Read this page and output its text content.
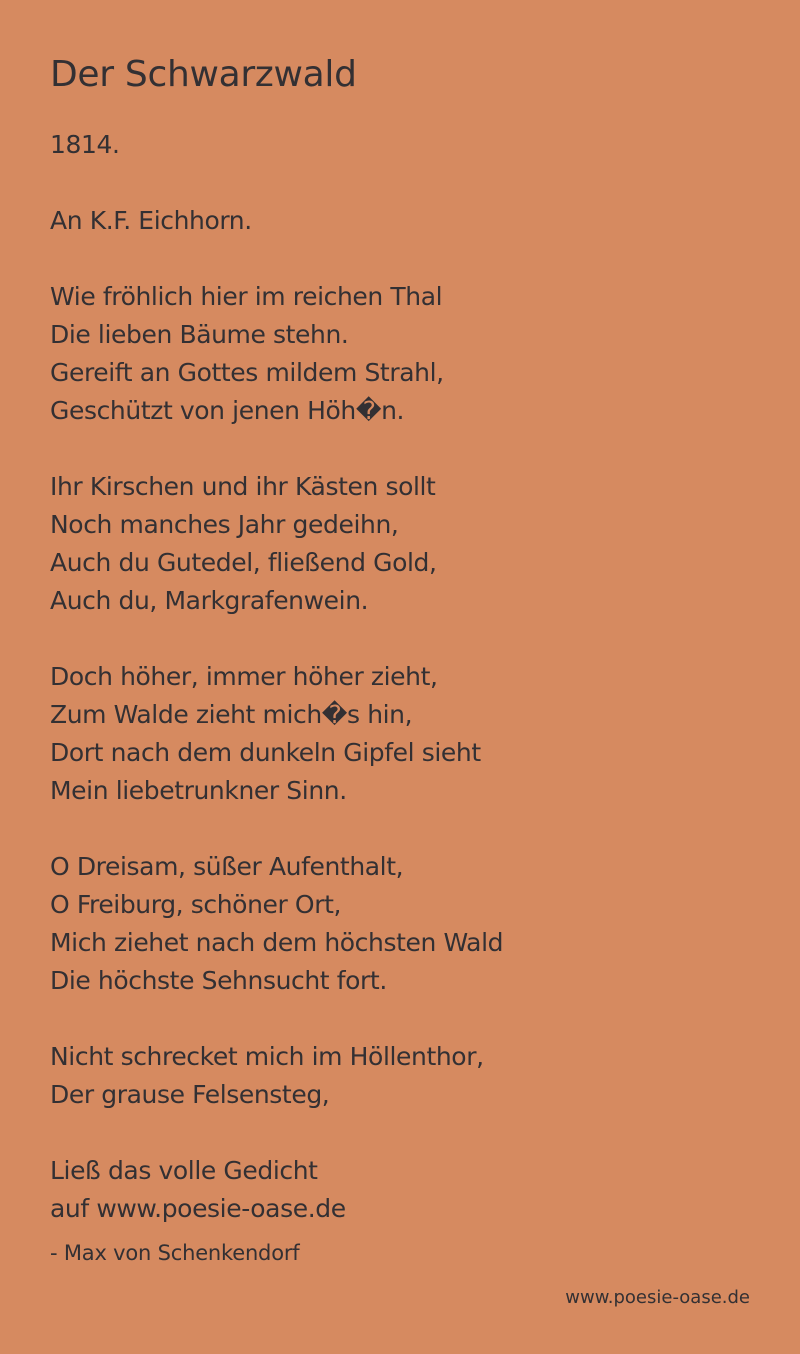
Der Schwarzwald
1814.
An K.F. Eichhorn.
Wie fröhlich hier im reichen Thal
Die lieben Bäume stehn.
Gereift an Gottes mildem Strahl,
Geschützt von jenen Höh�n.
Ihr Kirschen und ihr Kästen sollt
Noch manches Jahr gedeihn,
Auch du Gutedel, fließend Gold,
Auch du, Markgrafenwein.
Doch höher, immer höher zieht,
Zum Walde zieht mich�s hin,
Dort nach dem dunkeln Gipfel sieht
Mein liebetrunkner Sinn.
O Dreisam, süßer Aufenthalt,
O Freiburg, schöner Ort,
Mich ziehet nach dem höchsten Wald
Die höchste Sehnsucht fort.
Nicht schrecket mich im Höllenthor,
Der grause Felsensteg,
Ließ das volle Gedicht
auf www.poesie-oase.de
- Max von Schenkendorf
www.poesie-oase.de
